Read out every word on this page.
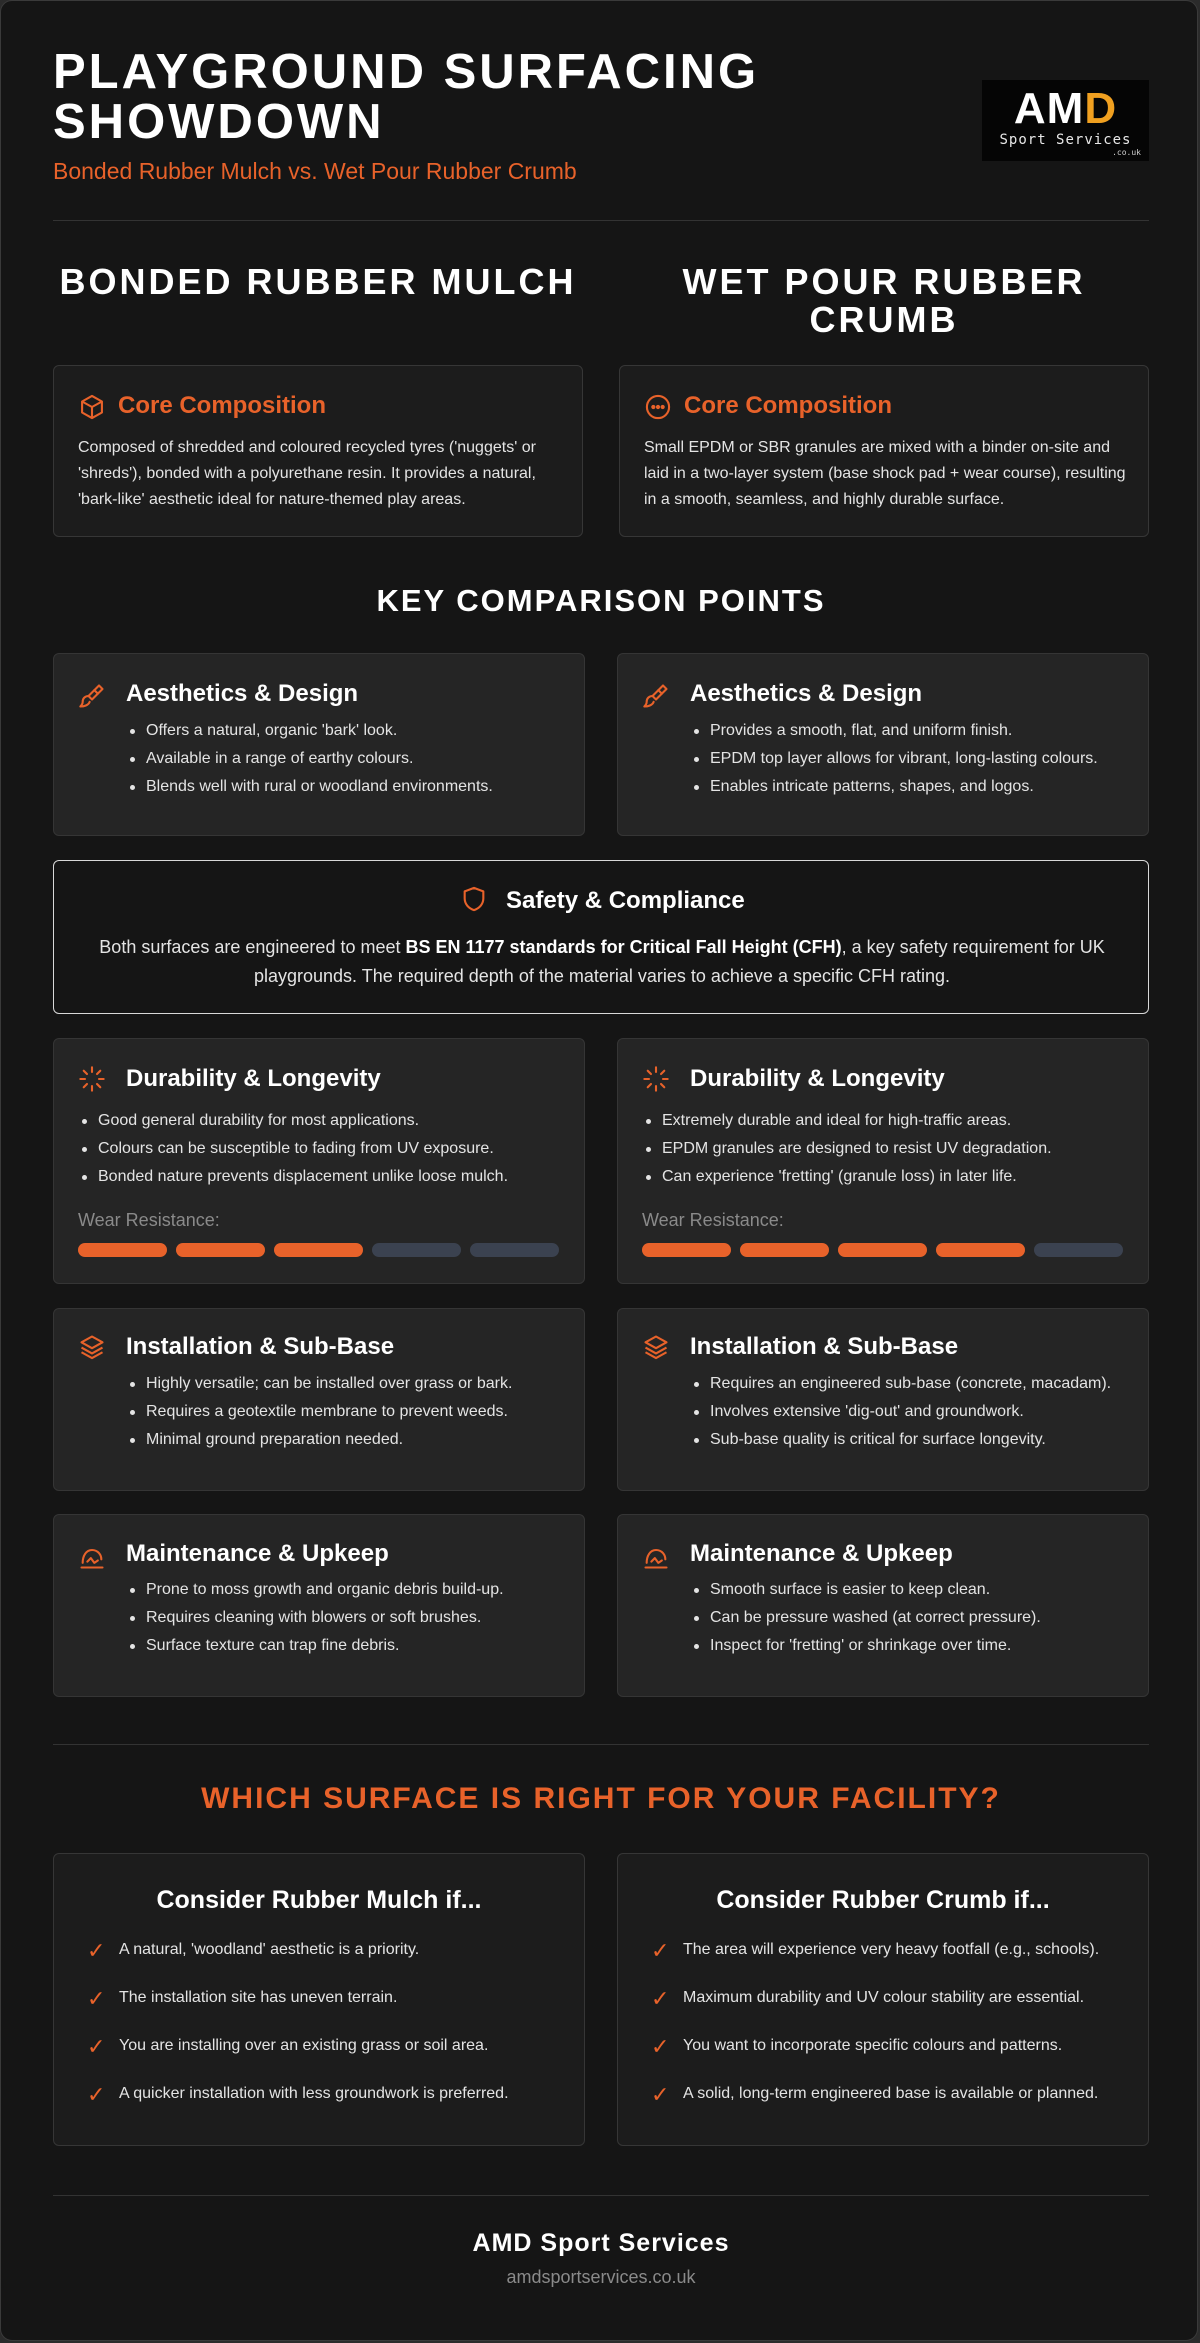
PLAYGROUND SURFACING SHOWDOWN
Bonded Rubber Mulch vs. Wet Pour Rubber Crumb
AMD
Sport Services
.co.uk
BONDED RUBBER MULCH	WET POUR RUBBER CRUMB
Core Composition
Composed of shredded and coloured recycled tyres ('nuggets' or 'shreds'), bonded with a polyurethane resin. It provides a natural, 'bark-like' aesthetic ideal for nature-themed play areas.
Core Composition
Small EPDM or SBR granules are mixed with a binder on-site and laid in a two-layer system (base shock pad + wear course), resulting in a smooth, seamless, and highly durable surface.
KEY COMPARISON POINTS
Aesthetics & Design
Offers a natural, organic 'bark' look.
Available in a range of earthy colours.
Blends well with rural or woodland environments.
Aesthetics & Design
Provides a smooth, flat, and uniform finish.
EPDM top layer allows for vibrant, long-lasting colours.
Enables intricate patterns, shapes, and logos.
Safety & Compliance
Both surfaces are engineered to meet BS EN 1177 standards for Critical Fall Height (CFH), a key safety requirement for UK playgrounds. The required depth of the material varies to achieve a specific CFH rating.
Durability & Longevity
Good general durability for most applications.
Colours can be susceptible to fading from UV exposure.
Bonded nature prevents displacement unlike loose mulch.
Wear Resistance:
Durability & Longevity
Extremely durable and ideal for high-traffic areas.
EPDM granules are designed to resist UV degradation.
Can experience 'fretting' (granule loss) in later life.
Wear Resistance:
Installation & Sub-Base
Highly versatile; can be installed over grass or bark.
Requires a geotextile membrane to prevent weeds.
Minimal ground preparation needed.
Installation & Sub-Base
Requires an engineered sub-base (concrete, macadam).
Involves extensive 'dig-out' and groundwork.
Sub-base quality is critical for surface longevity.
Maintenance & Upkeep
Prone to moss growth and organic debris build-up.
Requires cleaning with blowers or soft brushes.
Surface texture can trap fine debris.
Maintenance & Upkeep
Smooth surface is easier to keep clean.
Can be pressure washed (at correct pressure).
Inspect for 'fretting' or shrinkage over time.
WHICH SURFACE IS RIGHT FOR YOUR FACILITY?
Consider Rubber Mulch if...
✓ A natural, 'woodland' aesthetic is a priority.
✓ The installation site has uneven terrain.
✓ You are installing over an existing grass or soil area.
✓ A quicker installation with less groundwork is preferred.
Consider Rubber Crumb if...
✓ The area will experience very heavy footfall (e.g., schools).
✓ Maximum durability and UV colour stability are essential.
✓ You want to incorporate specific colours and patterns.
✓ A solid, long-term engineered base is available or planned.
AMD Sport Services
amdsportservices.co.uk
